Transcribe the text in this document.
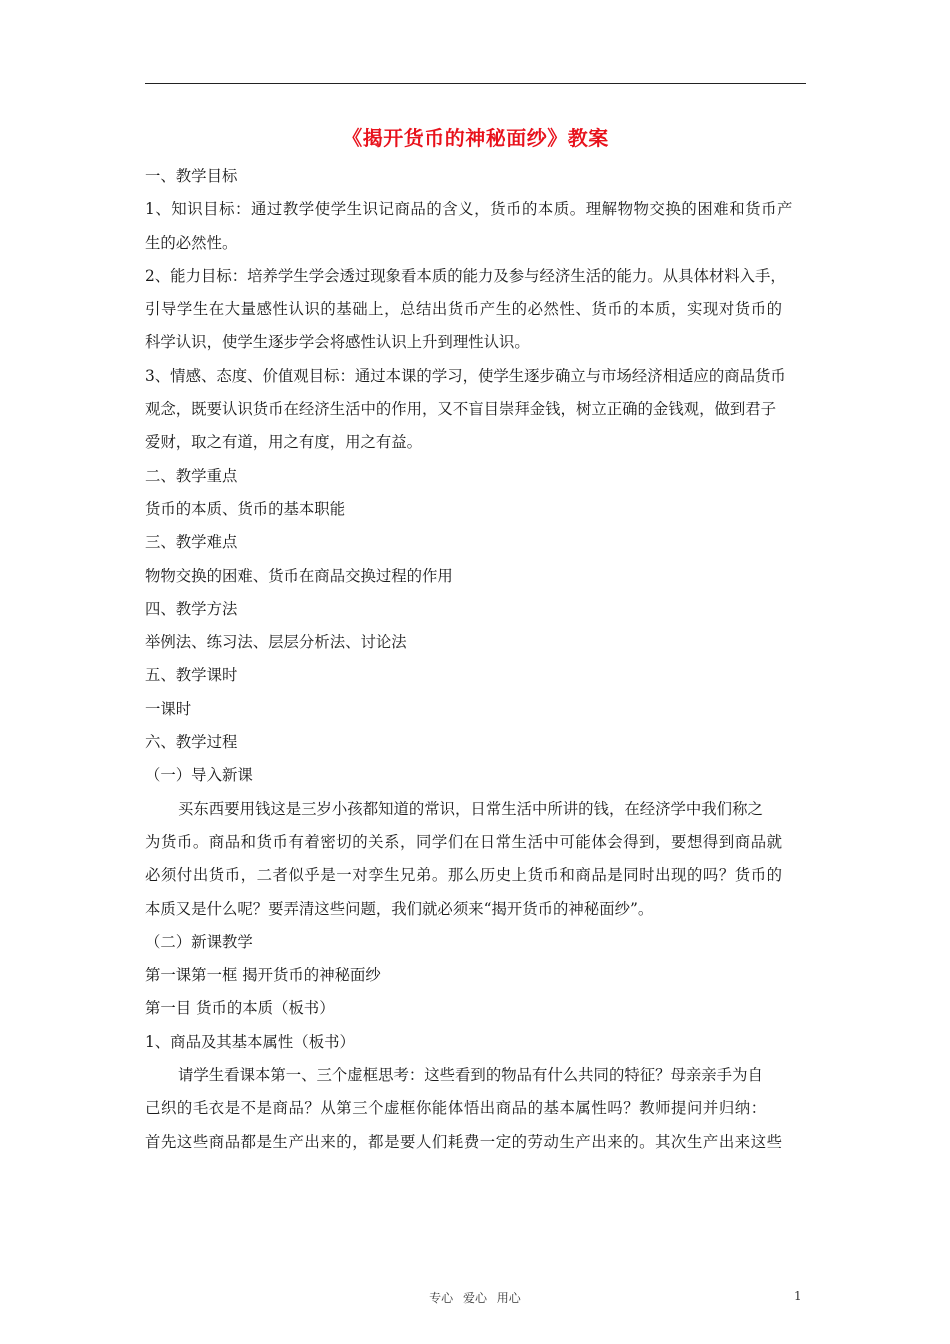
《揭开货币的神秘面纱》教案
一、教学目标
1、知识目标：通过教学使学生识记商品的含义，货币的本质。理解物物交换的困难和货币产
生的必然性。
2、能力目标：培养学生学会透过现象看本质的能力及参与经济生活的能力。从具体材料入手，
引导学生在大量感性认识的基础上，总结出货币产生的必然性、货币的本质，实现对货币的
科学认识，使学生逐步学会将感性认识上升到理性认识。
3、情感、态度、价值观目标：通过本课的学习，使学生逐步确立与市场经济相适应的商品货币
观念，既要认识货币在经济生活中的作用，又不盲目崇拜金钱，树立正确的金钱观，做到君子
爱财，取之有道，用之有度，用之有益。
二、教学重点
货币的本质、货币的基本职能
三、教学难点
物物交换的困难、货币在商品交换过程的作用
四、教学方法
举例法、练习法、层层分析法、讨论法
五、教学课时
一课时
六、教学过程
（一）导入新课
买东西要用钱这是三岁小孩都知道的常识，日常生活中所讲的钱，在经济学中我们称之
为货币。商品和货币有着密切的关系，同学们在日常生活中可能体会得到，要想得到商品就
必须付出货币，二者似乎是一对孪生兄弟。那么历史上货币和商品是同时出现的吗？货币的
本质又是什么呢？要弄清这些问题，我们就必须来“揭开货币的神秘面纱”。
（二）新课教学
第一课第一框 揭开货币的神秘面纱
第一目 货币的本质（板书）
1、商品及其基本属性（板书）
请学生看课本第一、三个虚框思考：这些看到的物品有什么共同的特征？母亲亲手为自
己织的毛衣是不是商品？从第三个虚框你能体悟出商品的基本属性吗？教师提问并归纳：
首先这些商品都是生产出来的，都是要人们耗费一定的劳动生产出来的。其次生产出来这些
专心 爱心 用心	1
